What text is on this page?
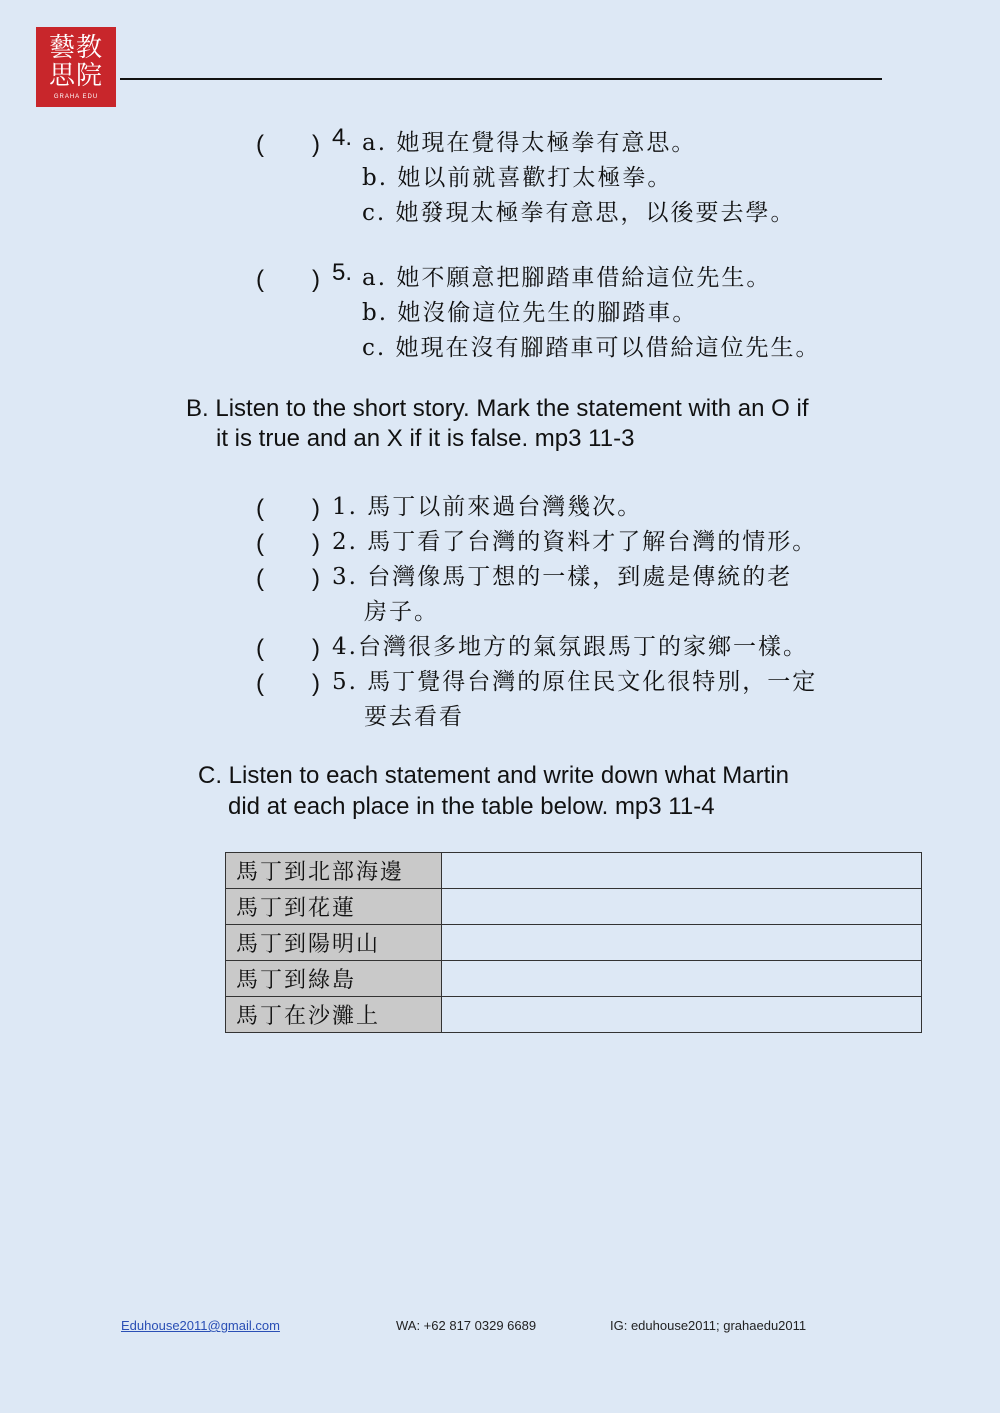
藝教思院
GRAHA EDU
(　　) 4. a. 她現在覺得太極拳有意思。
b. 她以前就喜歡打太極拳。
c. 她發現太極拳有意思，以後要去學。
(　　) 5. a. 她不願意把腳踏車借給這位先生。
b. 她沒偷這位先生的腳踏車。
c. 她現在沒有腳踏車可以借給這位先生。
B. Listen to the short story. Mark the statement with an O if
it is true and an X if it is false. mp3 11-3
(　　) 1. 馬丁以前來過台灣幾次。
(　　) 2. 馬丁看了台灣的資料才了解台灣的情形。
(　　) 3. 台灣像馬丁想的一樣，到處是傳統的老
房子。
(　　) 4.台灣很多地方的氣氛跟馬丁的家鄉一樣。
(　　) 5. 馬丁覺得台灣的原住民文化很特別，一定
要去看看
C. Listen to each statement and write down what Martin
did at each place in the table below. mp3 11-4
馬丁到北部海邊	
馬丁到花蓮	
馬丁到陽明山	
馬丁到綠島	
馬丁在沙灘上	
Eduhouse2011@gmail.com	WA: +62 817 0329 6689	IG: eduhouse2011; grahaedu2011
